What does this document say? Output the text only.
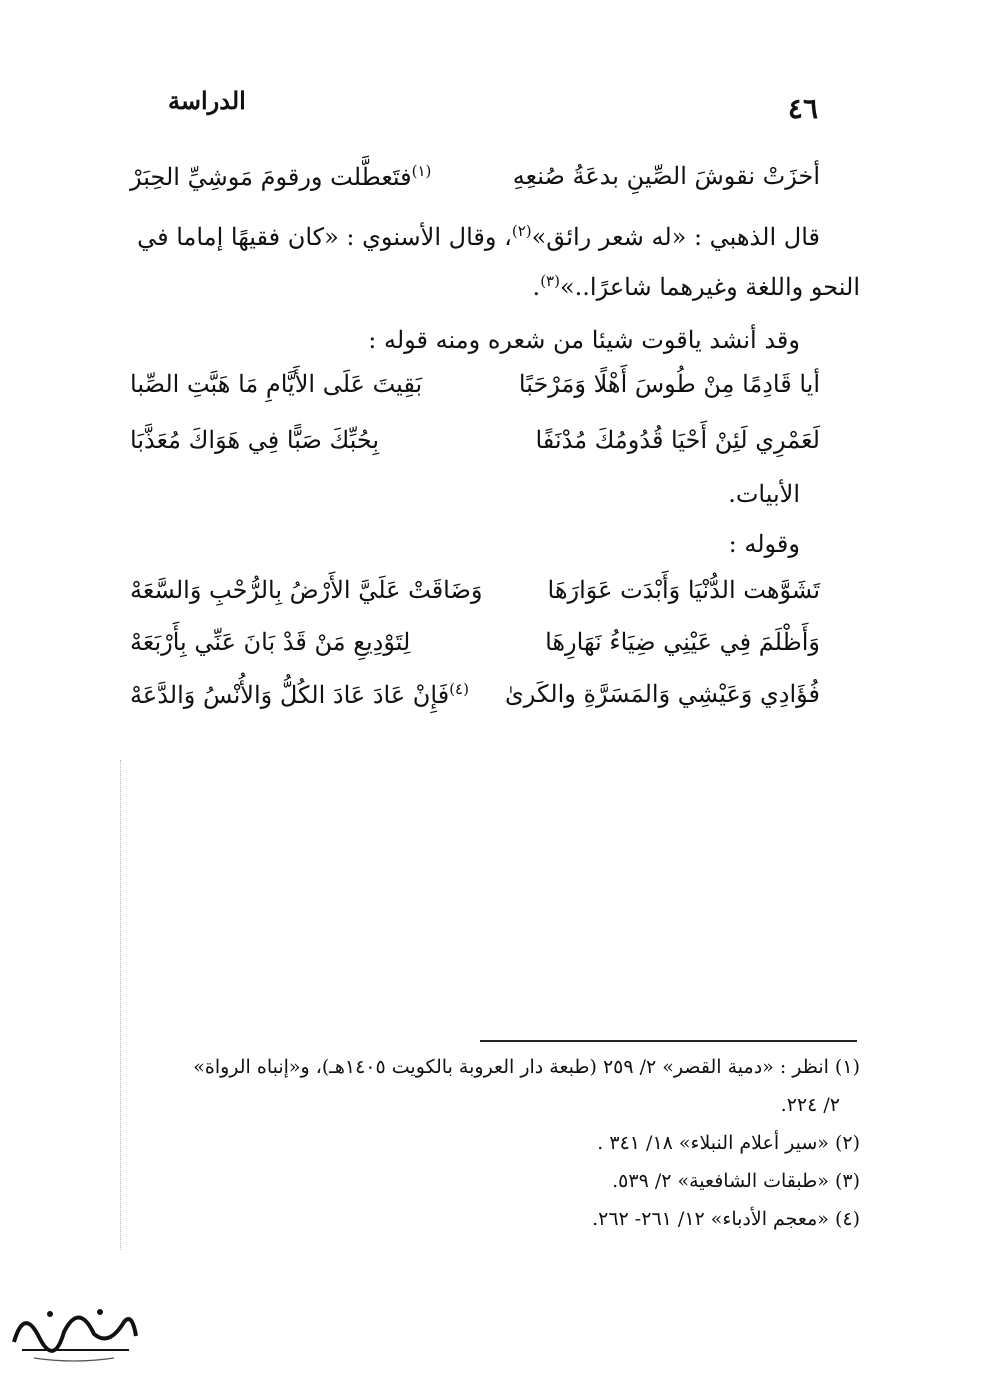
الدراسة	٤٦
أخزَتْ نقوشَ الصِّينِ بدعَةُ صُنعِهِ
$^{(١)}$فتَعطَّلت ورقومَ مَوشِيِّ الحِبَرْ
قال الذهبي : «له شعر رائق»$^{(٢)}$، وقال الأسنوي : «كان فقيهًا إماما في
النحو واللغة وغيرهما شاعرًا..»$^{(٣)}$.
وقد أنشد ياقوت شيئا من شعره ومنه قوله :
أيا قَادِمًا مِنْ طُوسَ أَهْلًا وَمَرْحَبًا
بَقِيتَ عَلَى الأَيَّامِ مَا هَبَّتِ الصِّبا
لَعَمْرِي لَئِنْ أَحْيَا قُدُومُكَ مُدْنَفًا
بِحُبِّكَ صَبًّا فِي هَوَاكَ مُعَذَّبَا
الأبيات.
وقوله :
تَشَوَّهت الدُّنْيَا وَأَبْدَت عَوَارَهَا
وَضَاقَتْ عَلَيَّ الأَرْضُ بِالرُّحْبِ وَالسَّعَهْ
وَأَظْلَمَ فِي عَيْنِي ضِيَاءُ نَهَارِهَا
لِتَوْدِيعِ مَنْ قَدْ بَانَ عَنِّي بِأَرْبَعَهْ
فُؤَادِي وَعَيْشِي وَالمَسَرَّةِ والكَرىٰ
$^{(٤)}$فَإِنْ عَادَ عَادَ الكُلُّ وَالأُنْسُ وَالدَّعَهْ
(١) انظر : «دمية القصر» ٢/ ٢٥٩ (طبعة دار العروبة بالكويت ١٤٠٥هـ)، و«إنباه الرواة»
٢/ ٢٢٤.
(٢) «سير أعلام النبلاء» ١٨/ ٣٤١ .
(٣) «طبقات الشافعية» ٢/ ٥٣٩.
(٤) «معجم الأدباء» ١٢/ ٢٦١- ٢٦٢.
